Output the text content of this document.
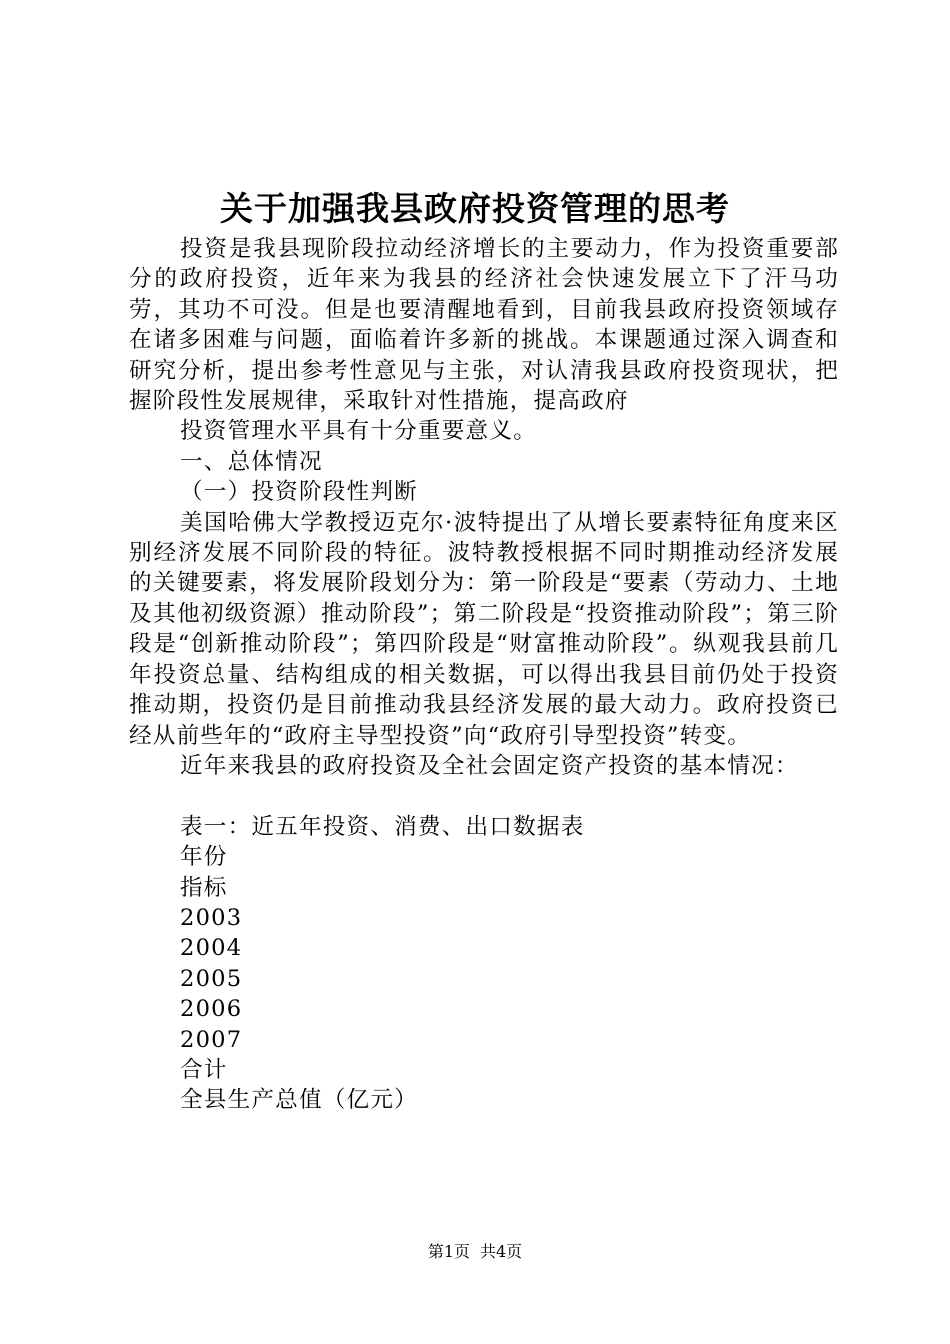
关于加强我县政府投资管理的思考

投资是我县现阶段拉动经济增长的主要动力，作为投资重要部分的政府投资，近年来为我县的经济社会快速发展立下了汗马功劳，其功不可没。但是也要清醒地看到，目前我县政府投资领域存在诸多困难与问题，面临着许多新的挑战。本课题通过深入调查和研究分析，提出参考性意见与主张，对认清我县政府投资现状，把握阶段性发展规律，采取针对性措施，提高政府

投资管理水平具有十分重要意义。

一、总体情况

（一）投资阶段性判断

美国哈佛大学教授迈克尔·波特提出了从增长要素特征角度来区别经济发展不同阶段的特征。波特教授根据不同时期推动经济发展的关键要素，将发展阶段划分为：第一阶段是“要素（劳动力、土地及其他初级资源）推动阶段”；第二阶段是“投资推动阶段”；第三阶段是“创新推动阶段”；第四阶段是“财富推动阶段”。纵观我县前几年投资总量、结构组成的相关数据，可以得出我县目前仍处于投资推动期，投资仍是目前推动我县经济发展的最大动力。政府投资已经从前些年的“政府主导型投资”向“政府引导型投资”转变。

近年来我县的政府投资及全社会固定资产投资的基本情况：

表一：近五年投资、消费、出口数据表

年份

指标

2003

2004

2005

2006

2007

合计

全县生产总值（亿元）

第1页 共4页
